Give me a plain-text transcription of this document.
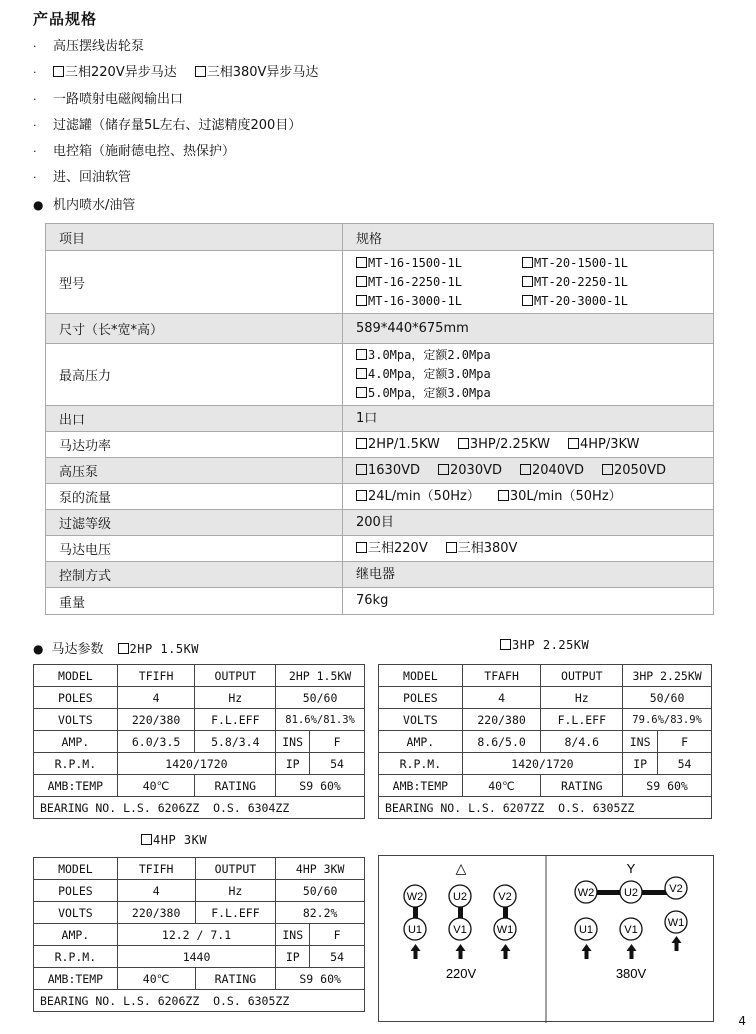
产品规格
· 高压摆线齿轮泵
· 三相220V异步马达 三相380V异步马达
· 一路喷射电磁阀输出口
· 过滤罐（储存量5L左右、过滤精度200目）
· 电控箱（施耐德电控、热保护）
· 进、回油软管
● 机内喷水/油管
项目	规格
型号	MT-16-1500-1L MT-20-1500-1L
MT-16-2250-1L MT-20-2250-1L
MT-16-3000-1L MT-20-3000-1L

尺寸（长*宽*高）	589*440*675mm

最高压力	3.0Mpa，定额2.0Mpa
4.0Mpa，定额3.0Mpa
5.0Mpa，定额3.0Mpa

出口	1口

马达功率	2HP/1.5KW 3HP/2.25KW 4HP/3KW

高压泵	1630VD 2030VD 2040VD 2050VD

泵的流量	24L/min（50Hz） 30L/min（50Hz）

过滤等级	200目

马达电压	三相220V 三相380V

控制方式	继电器

重量	76kg
● 马达参数 2HP 1.5KW	3HP 2.25KW
4HP 3KW
MODEL	TFIFH	OUTPUT	2HP 1.5KW	
POLES	4	Hz	50/60	
VOLTS	220/380	F.L.EFF	81.6%/81.3%	
AMP.	6.0/3.5	5.8/3.4	INS	F
R.P.M.	1420/1720		IP	54
AMB:TEMP	40℃	RATING	S9 60%	
BEARING NO. L.S. 6206ZZ  O.S. 6304ZZ				
MODEL	TFAFH	OUTPUT	3HP 2.25KW	
POLES	4	Hz	50/60	
VOLTS	220/380	F.L.EFF	79.6%/83.9%	
AMP.	8.6/5.0	8/4.6	INS	F
R.P.M.	1420/1720		IP	54
AMB:TEMP	40℃	RATING	S9 60%	
BEARING NO. L.S. 6207ZZ  O.S. 6305ZZ				
MODEL	TFIFH	OUTPUT	4HP 3KW	
POLES	4	Hz	50/60	
VOLTS	220/380	F.L.EFF	82.2%	
AMP.	12.2 / 7.1		INS	F
R.P.M.	1440		IP	54
AMB:TEMP	40℃	RATING	S9 60%	
BEARING NO. L.S. 6206ZZ  O.S. 6305ZZ				
△
W2	U2	V2
U1	V1	W1
220V
Y
W2	U2	V2
U1	V1
W1
380V
4
